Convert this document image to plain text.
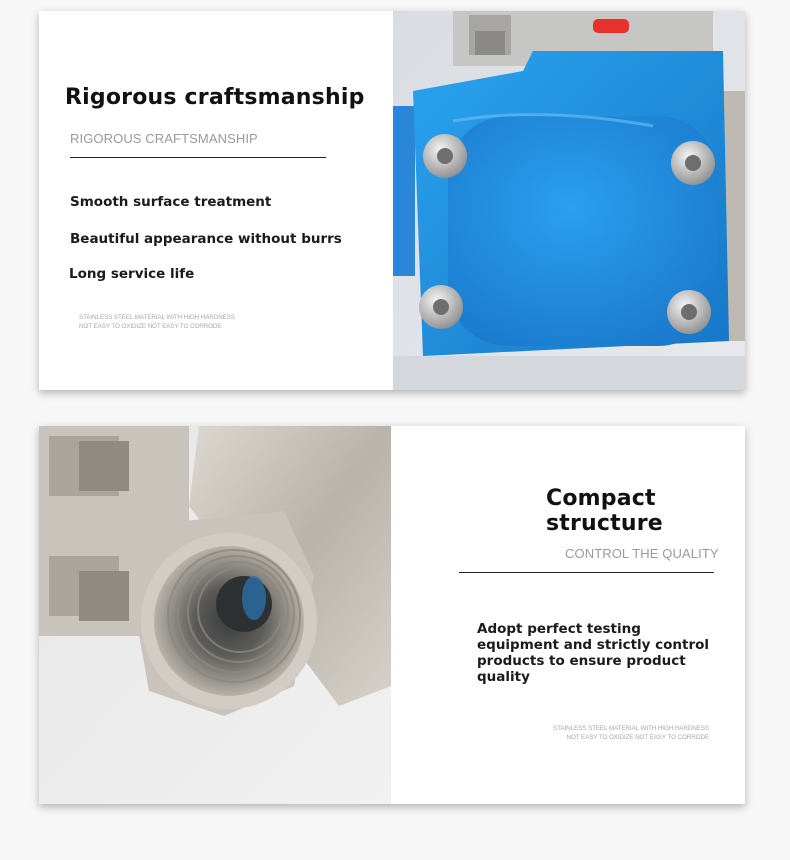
Rigorous craftsmanship
RIGOROUS CRAFTSMANSHIP
Smooth surface treatment
Beautiful appearance without burrs
Long service life
STAINLESS STEEL MATERIAL WITH HIGH HARDNESS
NOT EASY TO OXIDIZE NOT EASY TO CORRODE
Compact
structure
CONTROL THE QUALITY
Adopt perfect testing
equipment and strictly control
products to ensure product
quality
STAINLESS STEEL MATERIAL WITH HIGH HARDNESS
NOT EASY TO OXIDIZE NOT EASY TO CORRODE
